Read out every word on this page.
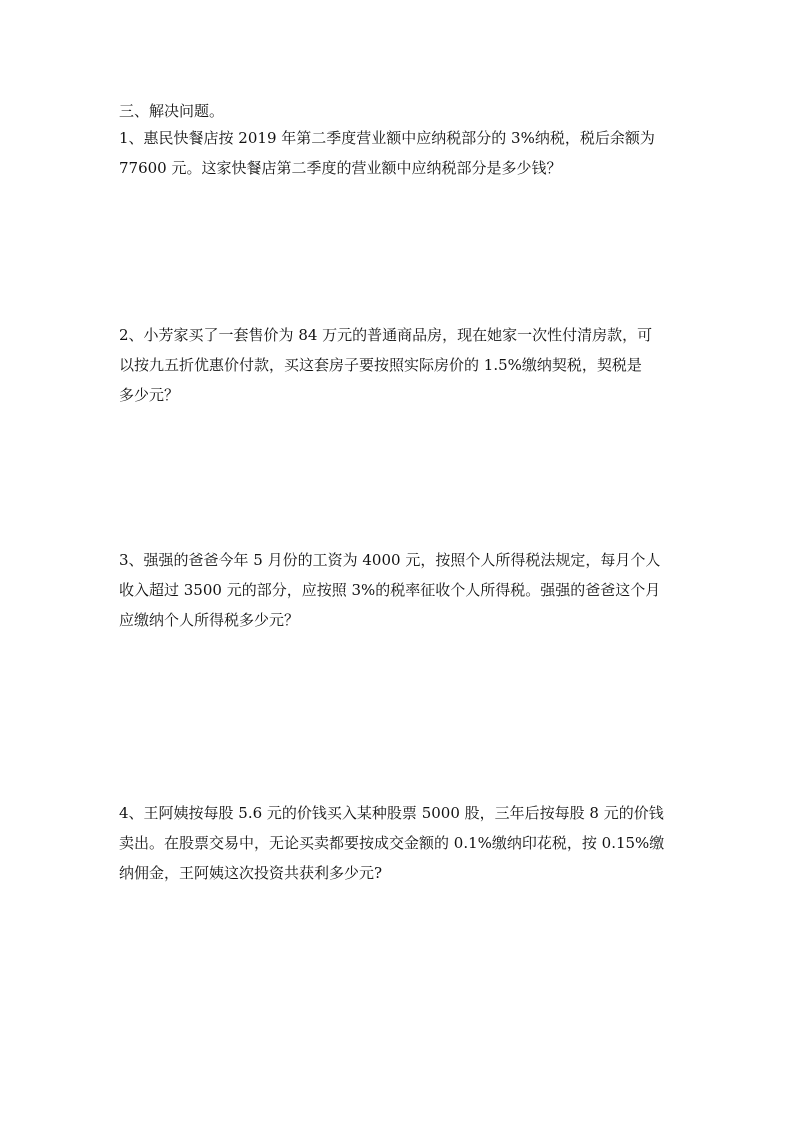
三、解决问题。
1、惠民快餐店按 2019 年第二季度营业额中应纳税部分的 3%纳税，税后余额为
77600 元。这家快餐店第二季度的营业额中应纳税部分是多少钱？
2、小芳家买了一套售价为 84 万元的普通商品房，现在她家一次性付清房款，可
以按九五折优惠价付款，买这套房子要按照实际房价的 1.5%缴纳契税，契税是
多少元？
3、强强的爸爸今年 5 月份的工资为 4000 元，按照个人所得税法规定，每月个人
收入超过 3500 元的部分，应按照 3%的税率征收个人所得税。强强的爸爸这个月
应缴纳个人所得税多少元？
4、王阿姨按每股 5.6 元的价钱买入某种股票 5000 股，三年后按每股 8 元的价钱
卖出。在股票交易中，无论买卖都要按成交金额的 0.1%缴纳印花税，按 0.15%缴
纳佣金，王阿姨这次投资共获利多少元?
